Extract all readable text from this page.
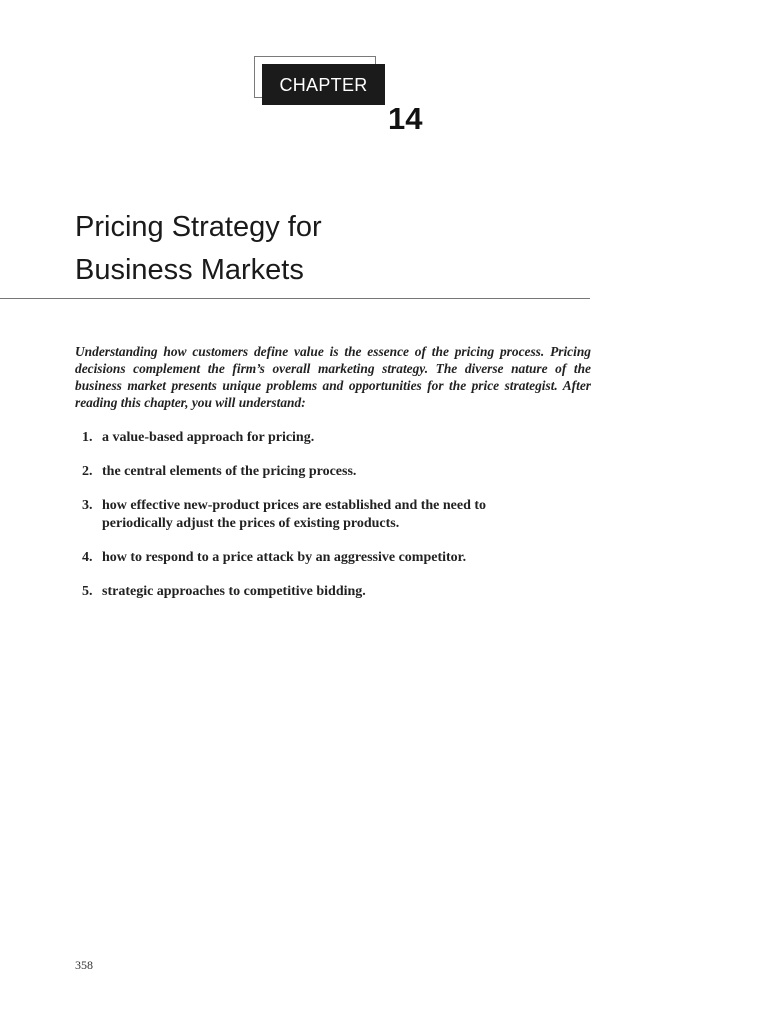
CHAPTER
14
Pricing Strategy for
Business Markets

Understanding how customers define value is the essence of the pricing process. Pricing decisions complement the firm’s overall marketing strategy. The diverse nature of the business market presents unique problems and opportunities for the price strategist. After reading this chapter, you will understand:

1. a value-based approach for pricing.
2. the central elements of the pricing process.
3. how effective new-product prices are established and the need to periodically adjust the prices of existing products.
4. how to respond to a price attack by an aggressive competitor.
5. strategic approaches to competitive bidding.
358
